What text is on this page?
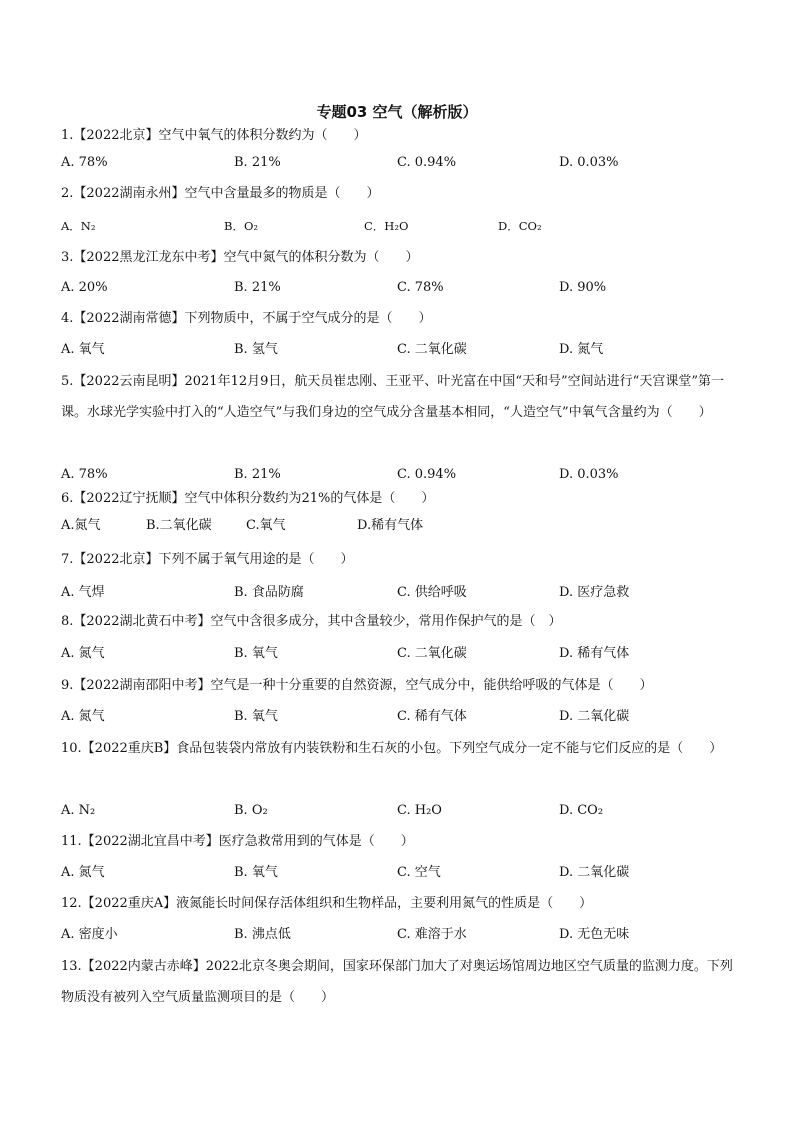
专题03 空气（解析版）
1.【2022北京】空气中氧气的体积分数约为（　　）
A. 78%	B. 21%	C. 0.94%	D. 0.03%
2.【2022湖南永州】空气中含量最多的物质是（　　）
A．N₂	B．O₂	C．H₂O	D．CO₂
3.【2022黑龙江龙东中考】空气中氮气的体积分数为（　　）
A. 20%	B. 21%	C. 78%	D. 90%
4.【2022湖南常德】下列物质中，不属于空气成分的是（　　）
A. 氧气	B. 氢气	C. 二氧化碳	D. 氮气
5.【2022云南昆明】2021年12月9日，航天员崔忠刚、王亚平、叶光富在中国“天和号”空间站进行“天宫课堂”第一课。水球光学实验中打入的“人造空气”与我们身边的空气成分含量基本相同，“人造空气”中氧气含量约为（　　）
A. 78%	B. 21%	C. 0.94%	D. 0.03%
6.【2022辽宁抚顺】空气中体积分数约为21%的气体是（　　）
A.氮气	B.二氧化碳	C.氧气	D.稀有气体
7.【2022北京】下列不属于氧气用途的是（　　）
A. 气焊	B. 食品防腐	C. 供给呼吸	D. 医疗急救
8.【2022湖北黄石中考】空气中含很多成分，其中含量较少，常用作保护气的是（　）
A. 氮气	B. 氧气	C. 二氧化碳	D. 稀有气体
9.【2022湖南邵阳中考】空气是一种十分重要的自然资源，空气成分中，能供给呼吸的气体是（　　）
A. 氮气	B. 氧气	C. 稀有气体	D. 二氧化碳
10.【2022重庆B】食品包装袋内常放有内装铁粉和生石灰的小包。下列空气成分一定不能与它们反应的是（　　）
A. N₂	B. O₂	C. H₂O	D. CO₂
11.【2022湖北宜昌中考】医疗急救常用到的气体是（　　）
A. 氮气	B. 氧气	C. 空气	D. 二氧化碳
12.【2022重庆A】液氮能长时间保存活体组织和生物样品，主要利用氮气的性质是（　　）
A. 密度小	B. 沸点低	C. 难溶于水	D. 无色无味
13.【2022内蒙古赤峰】2022北京冬奥会期间，国家环保部门加大了对奥运场馆周边地区空气质量的监测力度。下列物质没有被列入空气质量监测项目的是（　　）
